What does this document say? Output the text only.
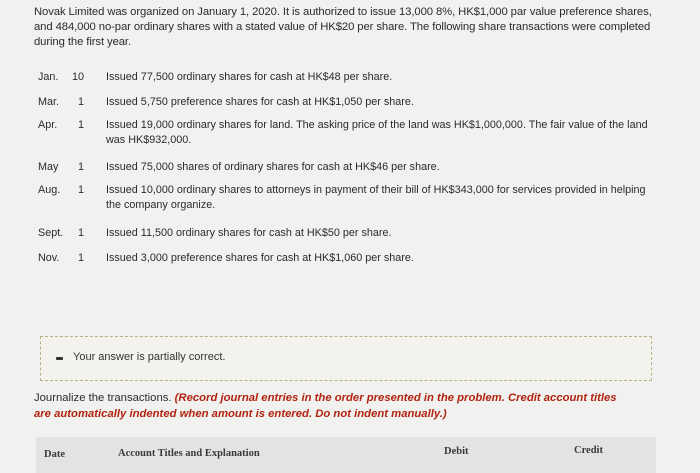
Novak Limited was organized on January 1, 2020. It is authorized to issue 13,000 8%, HK$1,000 par value preference shares, and 484,000 no-par ordinary shares with a stated value of HK$20 per share. The following share transactions were completed during the first year.
Jan. 10 Issued 77,500 ordinary shares for cash at HK$48 per share.
Mar.	1 Issued 5,750 preference shares for cash at HK$1,050 per share.
Apr.	1 Issued 19,000 ordinary shares for land. The asking price of the land was HK$1,000,000. The fair value of the land was HK$932,000.
May	1 Issued 75,000 shares of ordinary shares for cash at HK$46 per share.
Aug.	1 Issued 10,000 ordinary shares to attorneys in payment of their bill of HK$343,000 for services provided in helping the company organize.
Sept.	1 Issued 11,500 ordinary shares for cash at HK$50 per share.
Nov.	1 Issued 3,000 preference shares for cash at HK$1,060 per share.
Your answer is partially correct.
Journalize the transactions. (Record journal entries in the order presented in the problem. Credit account titles are automatically indented when amount is entered. Do not indent manually.)
Date	Account Titles and Explanation	Debit	Credit
